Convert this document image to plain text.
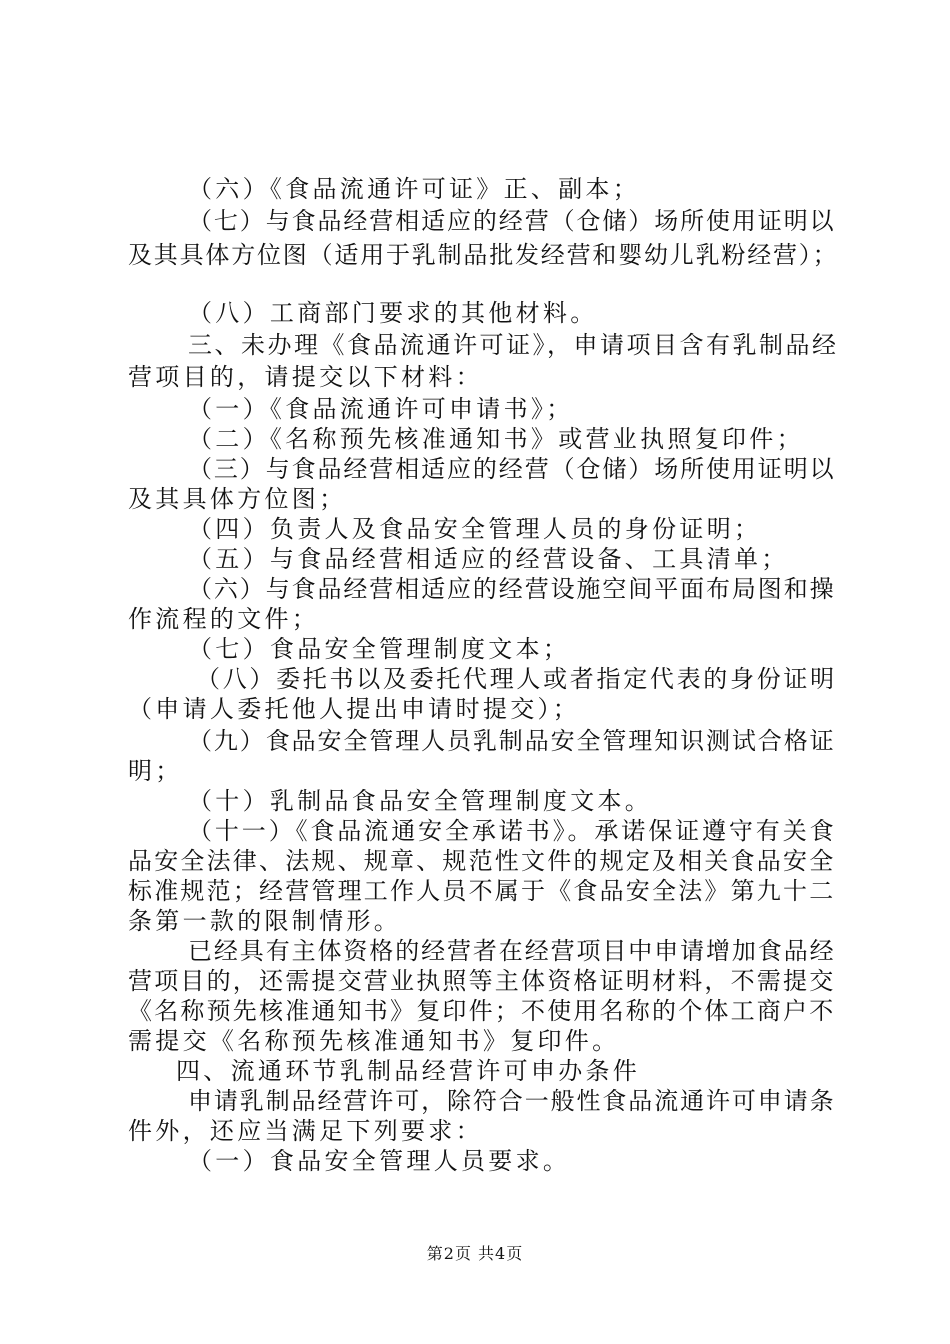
（六）《食品流通许可证》正、副本；
（七）与食品经营相适应的经营（仓储）场所使用证明以
及其具体方位图（适用于乳制品批发经营和婴幼儿乳粉经营）；
（八）工商部门要求的其他材料。
三、未办理《食品流通许可证》，申请项目含有乳制品经
营项目的，请提交以下材料：
（一）《食品流通许可申请书》；
（二）《名称预先核准通知书》或营业执照复印件；
（三）与食品经营相适应的经营（仓储）场所使用证明以
及其具体方位图；
（四）负责人及食品安全管理人员的身份证明；
（五）与食品经营相适应的经营设备、工具清单；
（六）与食品经营相适应的经营设施空间平面布局图和操
作流程的文件；
（七）食品安全管理制度文本；
（八）委托书以及委托代理人或者指定代表的身份证明
（申请人委托他人提出申请时提交）；
（九）食品安全管理人员乳制品安全管理知识测试合格证
明；
（十）乳制品食品安全管理制度文本。
（十一）《食品流通安全承诺书》。承诺保证遵守有关食
品安全法律、法规、规章、规范性文件的规定及相关食品安全
标准规范；经营管理工作人员不属于《食品安全法》第九十二
条第一款的限制情形。
已经具有主体资格的经营者在经营项目中申请增加食品经
营项目的，还需提交营业执照等主体资格证明材料，不需提交
《名称预先核准通知书》复印件；不使用名称的个体工商户不
需提交《名称预先核准通知书》复印件。
四、流通环节乳制品经营许可申办条件
申请乳制品经营许可，除符合一般性食品流通许可申请条
件外，还应当满足下列要求：
（一）食品安全管理人员要求。
第2页 共4页
